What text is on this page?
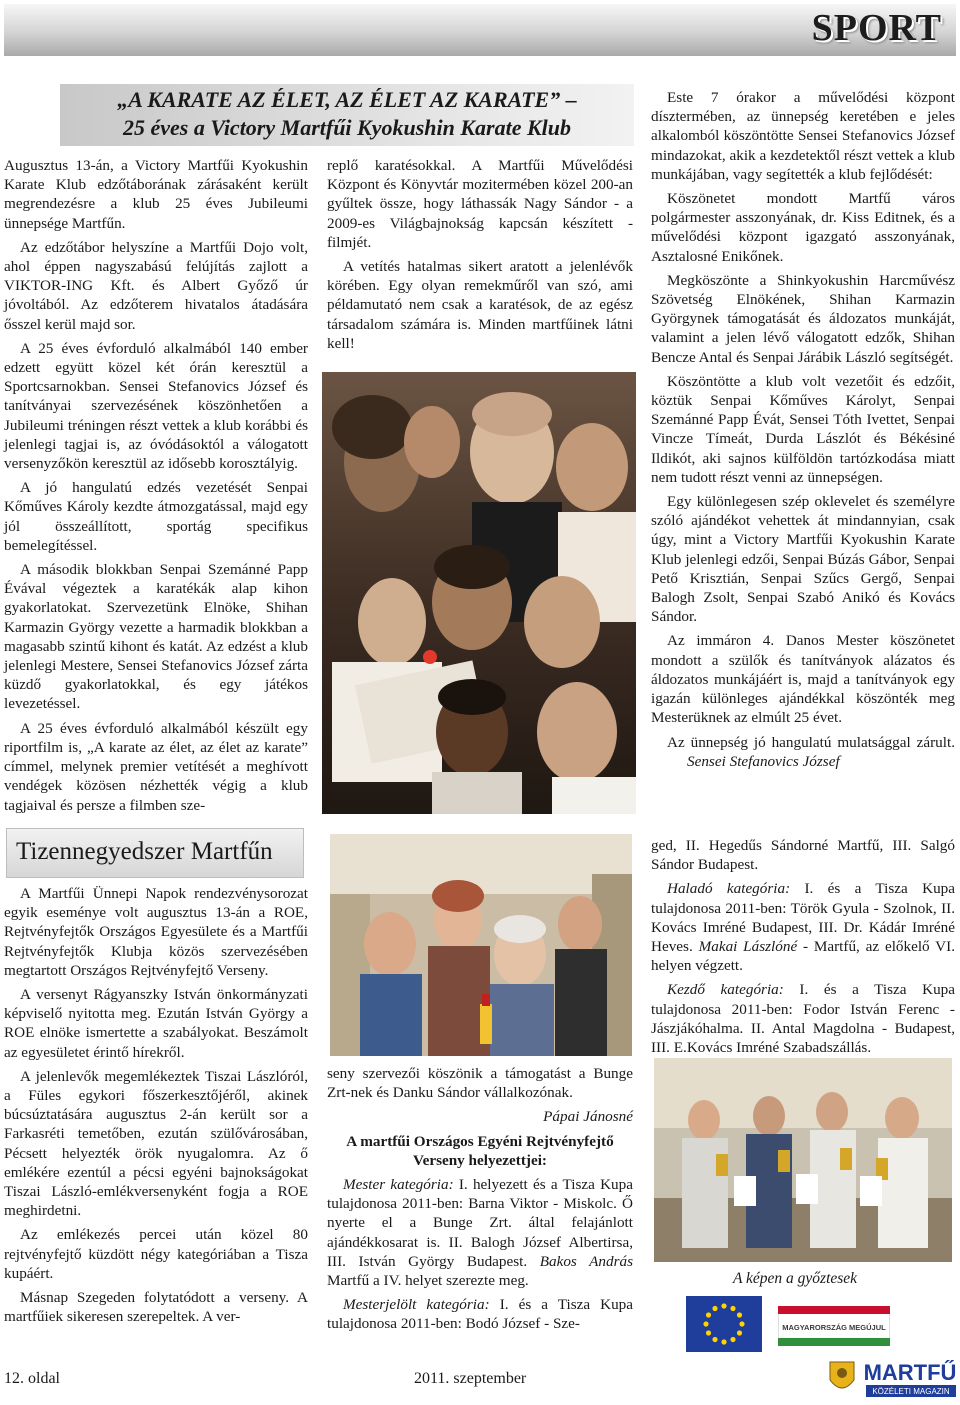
SPORT
„A KARATE AZ ÉLET, AZ ÉLET AZ KARATE” –
25 éves a Victory Martfűi Kyokushin Karate Klub

Augusztus 13-án, a Victory Martfűi Kyokushin Karate Klub edzőtáborának zárásaként került megrendezésre a klub 25 éves Jubileumi ünnepsége Martfűn.

Az edzőtábor helyszíne a Martfűi Dojo volt, ahol éppen nagyszabású felújítás zajlott a VIKTOR-ING Kft. és Albert Győző úr jóvoltából. Az edzőterem hivatalos átadására ősszel kerül majd sor.

A 25 éves évforduló alkalmából 140 ember edzett együtt közel két órán keresztül a Sportcsarnokban. Sensei Stefanovics József és tanítványai szervezésének köszönhetően a Jubileumi tréningen részt vettek a klub korábbi és jelenlegi tagjai is, az óvódásoktól a válogatott versenyzőkön keresztül az idősebb korosztályig.

A jó hangulatú edzés vezetését Senpai Kőműves Károly kezdte átmozgatással, majd egy jól összeállított, sportág specifikus bemelegítéssel.

A második blokkban Senpai Szemánné Papp Évával végeztek a karatékák alap kihon gyakorlatokat. Szervezetünk Elnöke, Shihan Karmazin György vezette a harmadik blokkban a magasabb szintű kihont és katát. Az edzést a klub jelenlegi Mestere, Sensei Stefanovics József zárta küzdő gyakorlatokkal, és egy játékos levezetéssel.

A 25 éves évforduló alkalmából készült egy riportfilm is, „A karate az élet, az élet az karate” címmel, melynek premier vetítését a meghívott vendégek közösen nézhették végig a klub tagjaival és persze a filmben sze-

replő karatésokkal. A Martfűi Művelődési Központ és Könyvtár mozitermében közel 200-an gyűltek össze, hogy láthassák Nagy Sándor - a 2009-es Világbajnokság kapcsán készített - filmjét.

A vetítés hatalmas sikert aratott a jelenlévők körében. Egy olyan remekműről van szó, ami példamutató nem csak a karatésok, de az egész társadalom számára is. Minden martfűinek látni kell!

Este 7 órakor a művelődési központ dísztermében, az ünnepség keretében e jeles alkalomból köszöntötte Sensei Stefanovics József mindazokat, akik a kezdetektől részt vettek a klub munkájában, vagy segítették a klub fejlődését:

Köszönetet mondott Martfű város polgármester asszonyának, dr. Kiss Editnek, és a művelődési központ igazgató asszonyának, Asztalosné Enikőnek.

Megköszönte a Shinkyokushin Harcművész Szövetség Elnökének, Shihan Karmazin Györgynek támogatását és áldozatos munkáját, valamint a jelen lévő válogatott edzők, Shihan Bencze Antal és Senpai Járábik László segítségét.

Köszöntötte a klub volt vezetőit és edzőit, köztük Senpai Kőműves Károlyt, Senpai Szemánné Papp Évát, Sensei Tóth Ivettet, Senpai Vincze Tímeát, Durda Lászlót és Békésiné Ildikót, aki sajnos külföldön tartózkodása miatt nem tudott részt venni az ünnepségen.

Egy különlegesen szép oklevelet és személyre szóló ajándékot vehettek át mindannyian, csak úgy, mint a Victory Martfűi Kyokushin Karate Klub jelenlegi edzői, Senpai Búzás Gábor, Senpai Pető Krisztián, Senpai Szűcs Gergő, Senpai Balogh Zsolt, Senpai Szabó Anikó és Kovács Sándor.

Az immáron 4. Danos Mester köszönetet mondott a szülők és tanítványok alázatos és áldozatos munkájáért is, majd a tanítványok egy igazán különleges ajándékkal köszönték meg Mesterüknek az elmúlt 25 évet.

Az ünnepség jó hangulatú mulatsággal zárult. Sensei Stefanovics József

Tizennegyedszer Martfűn

A Martfűi Ünnepi Napok rendezvénysorozat egyik eseménye volt augusztus 13-án a ROE, Rejtvényfejtők Országos Egyesülete és a Martfűi Rejtvényfejtők Klubja közös szervezésében megtartott Országos Rejtvényfejtő Verseny.

A versenyt Rágyanszky István önkormányzati képviselő nyitotta meg. Ezután István György a ROE elnöke ismertette a szabályokat. Beszámolt az egyesületet érintő hírekről.

A jelenlevők megemlékeztek Tiszai Lászlóról, a Füles egykori főszerkesztőjéről, akinek búcsúztatására augusztus 2-án került sor a Farkasréti temetőben, ezután szülővárosában, Pécsett helyezték örök nyugalomra. Az ő emlékére ezentúl a pécsi egyéni bajnokságokat Tiszai László-emlékversenyként fogja a ROE meghirdetni.

Az emlékezés percei után közel 80 rejtvényfejtő küzdött négy kategóriában a Tisza kupáért.

Másnap Szegeden folytatódott a verseny. A martfűiek sikeresen szerepeltek. A ver-

seny szervezői köszönik a támogatást a Bunge Zrt-nek és Danku Sándor vállalkozónak.

Pápai Jánosné

A martfűi Országos Egyéni Rejtvényfejtő Verseny helyezettjei:

Mester kategória: I. helyezett és a Tisza Kupa tulajdonosa 2011-ben: Barna Viktor - Miskolc. Ő nyerte el a Bunge Zrt. által felajánlott ajándékkosarat is. II. Balogh József Albertirsa, III. István György Budapest. Bakos András Martfű a IV. helyet szerezte meg.

Mesterjelölt kategória: I. és a Tisza Kupa tulajdonosa 2011-ben: Bodó József - Sze-

ged, II. Hegedűs Sándorné Martfű, III. Salgó Sándor Budapest.

Haladó kategória: I. és a Tisza Kupa tulajdonosa 2011-ben: Török Gyula - Szolnok, II. Kovács Imréné Budapest, III. Dr. Kádár Imréné Heves. Makai Lászlóné - Martfű, az előkelő VI. helyen végzett.

Kezdő kategória: I. és a Tisza Kupa tulajdonosa 2011-ben: Fodor István Ferenc - Jászjákóhalma. II. Antal Magdolna - Budapest, III. E.Kovács Imréné Szabadszállás.

A képen a győztesek
MAGYARORSZÁG MEGÚJUL
MARTFŰ
KÖZÉLETI MAGAZIN
12. oldal	2011. szeptember
